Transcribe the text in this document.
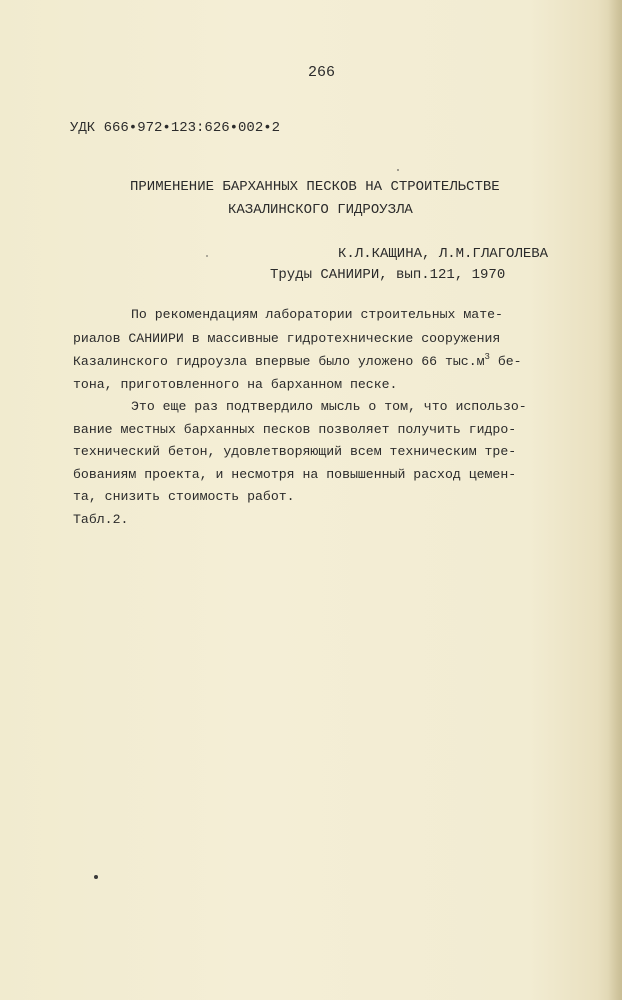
266

УДК 666•972•123:626•002•2

ПРИМЕНЕНИЕ БАРХАННЫХ ПЕСКОВ НА СТРОИТЕЛЬСТВЕ

КАЗАЛИНСКОГО ГИДРОУЗЛА

К.Л.КАЩИНА, Л.М.ГЛАГОЛЕВА

Труды САНИИРИ, вып.121, 1970

По рекомендациям лаборатории строительных мате-

риалов САНИИРИ в массивные гидротехнические сооружения

Казалинского гидроузла впервые было уложено 66 $тыс.м^3$ бе-

тона, приготовленного на барханном песке.

Это еще раз подтвердило мысль о том, что использо-

вание местных барханных песков позволяет получить гидро-

технический бетон, удовлетворяющий всем техническим тре-

бованиям проекта, и несмотря на повышенный расход цемен-

та, снизить стоимость работ.

Табл.2.
